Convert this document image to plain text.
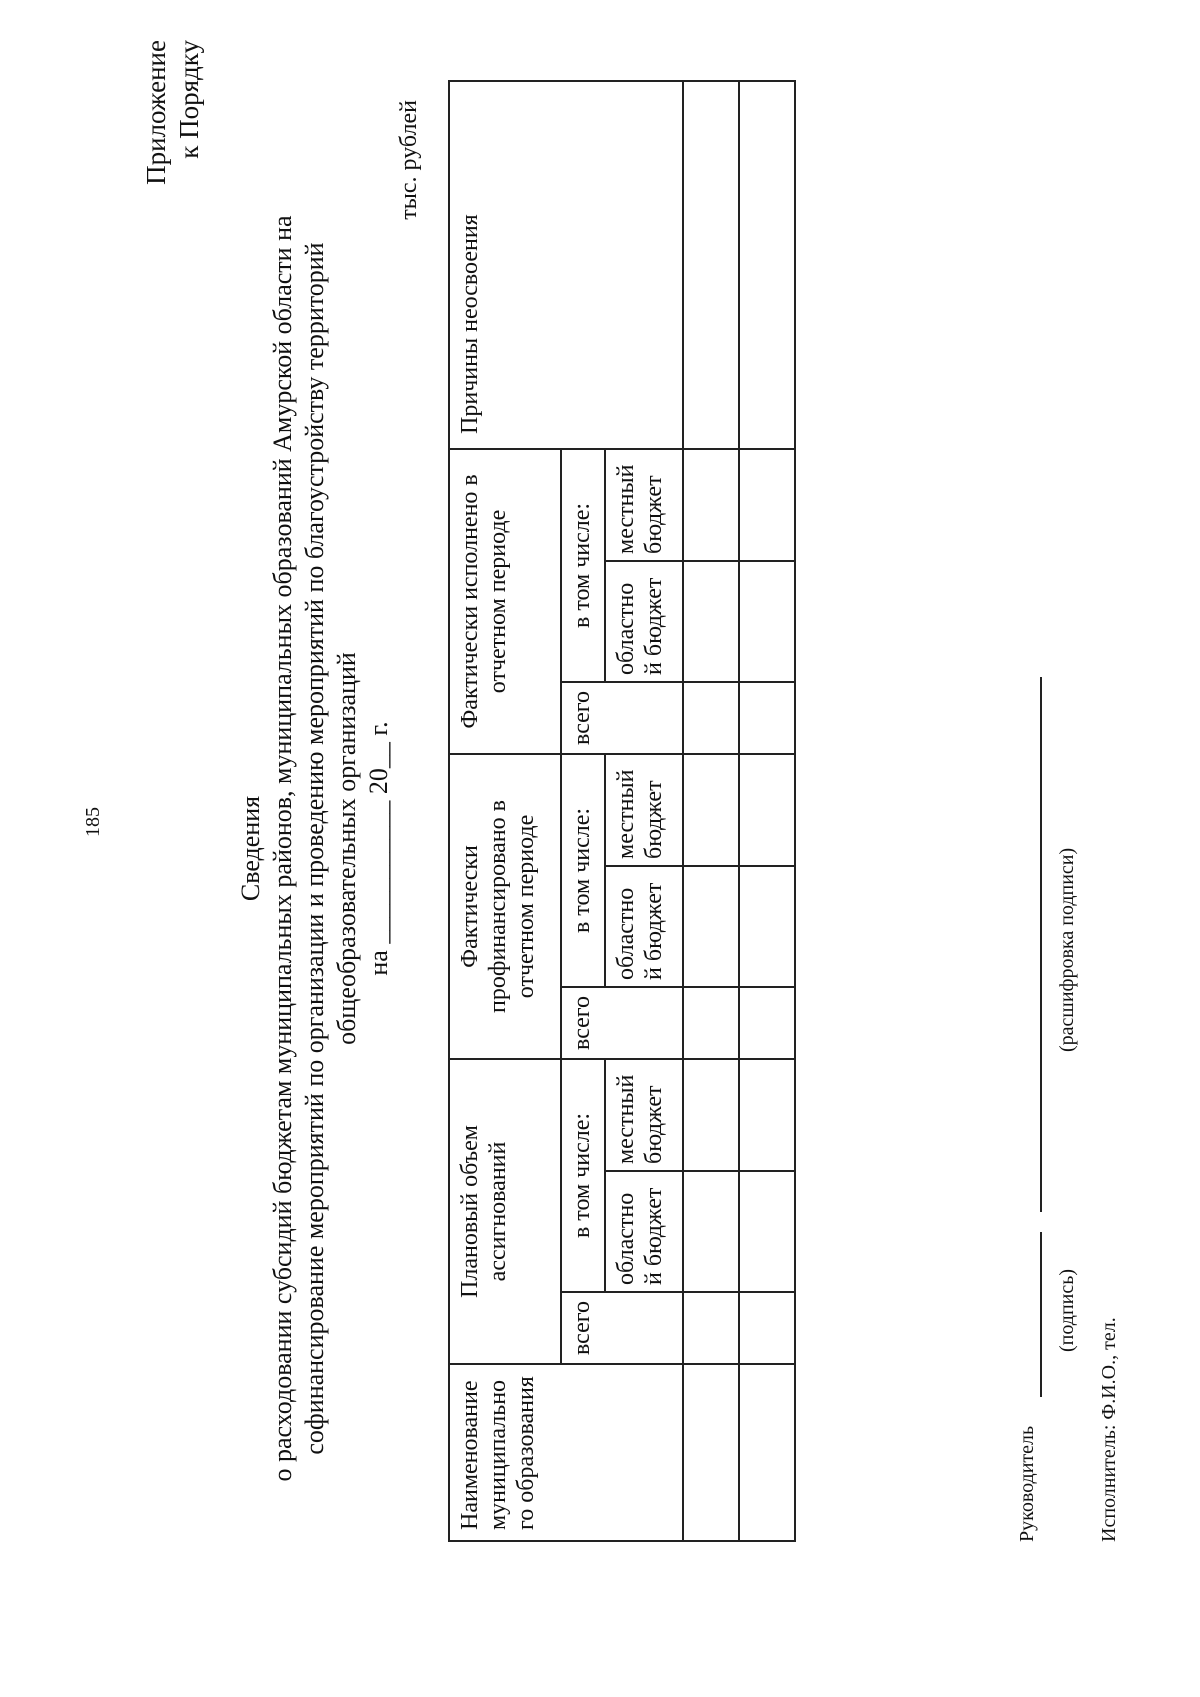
185
Приложение к Порядку
Сведения о расходовании субсидий бюджетам муниципальных районов, муниципальных образований Амурской области на софинансирование мероприятий по организации и проведению мероприятий по благоустройству территорий общеобразовательных организаций на ___________ 20__ г.
тыс. рублей
Наименование муниципально го образования	Плановый объем ассигнований			Фактически профинансировано в отчетном периоде			Фактически исполнено в отчетном периоде			Причины неосвоения
	всего	в том числе:		всего	в том числе:		всего	в том числе:		
		областно й бюджет	местный бюджет		областно й бюджет	местный бюджет		областно й бюджет	местный бюджет	

Руководитель
(подпись)
(расшифровка подписи)
Исполнитель: Ф.И.О., тел.
